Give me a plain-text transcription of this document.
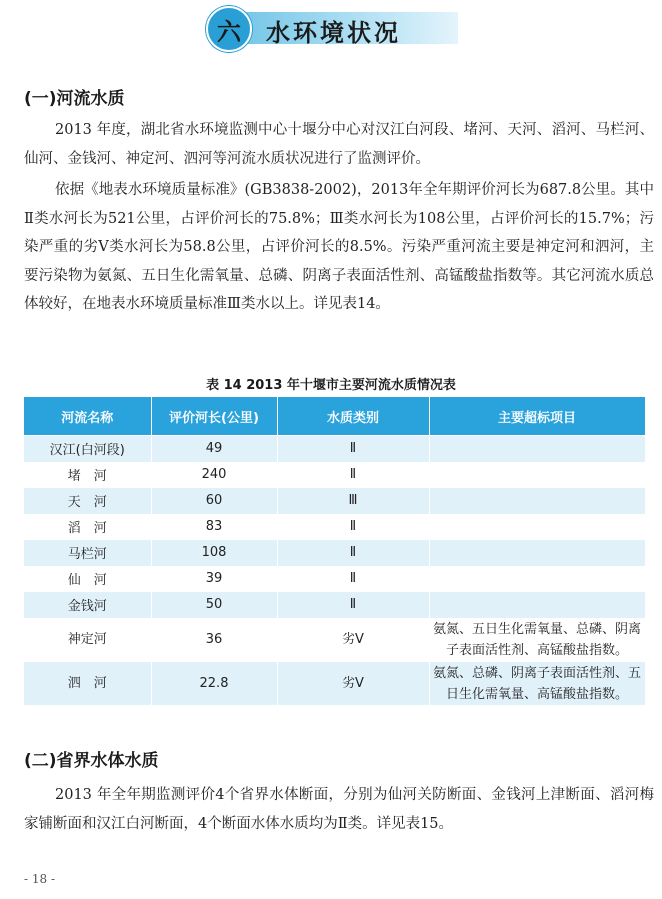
六	水环境状况
(一)河流水质

2013 年度，湖北省水环境监测中心十堰分中心对汉江白河段、堵河、天河、滔河、马栏河、仙河、金钱河、神定河、泗河等河流水质状况进行了监测评价。

依据《地表水环境质量标准》(GB3838-2002)，2013年全年期评价河长为687.8公里。其中Ⅱ类水河长为521公里，占评价河长的75.8%；Ⅲ类水河长为108公里，占评价河长的15.7%；污染严重的劣Ⅴ类水河长为58.8公里，占评价河长的8.5%。污染严重河流主要是神定河和泗河，主要污染物为氨氮、五日生化需氧量、总磷、阴离子表面活性剂、高锰酸盐指数等。其它河流水质总体较好，在地表水环境质量标准Ⅲ类水以上。详见表14。

表 14 2013 年十堰市主要河流水质情况表
河流名称	评价河长(公里)	水质类别	主要超标项目
汉江(白河段)	49	Ⅱ	
堵　河	240	Ⅱ	
天　河	60	Ⅲ	
滔　河	83	Ⅱ	
马栏河	108	Ⅱ	
仙　河	39	Ⅱ	
金钱河	50	Ⅱ	
神定河	36	劣Ⅴ	氨氮、五日生化需氧量、总磷、阴离子表面活性剂、高锰酸盐指数。
泗　河	22.8	劣Ⅴ	氨氮、总磷、阴离子表面活性剂、五日生化需氧量、高锰酸盐指数。
(二)省界水体水质

2013 年全年期监测评价4个省界水体断面，分别为仙河关防断面、金钱河上津断面、滔河梅家铺断面和汉江白河断面，4个断面水体水质均为Ⅱ类。详见表15。

- 18 -
